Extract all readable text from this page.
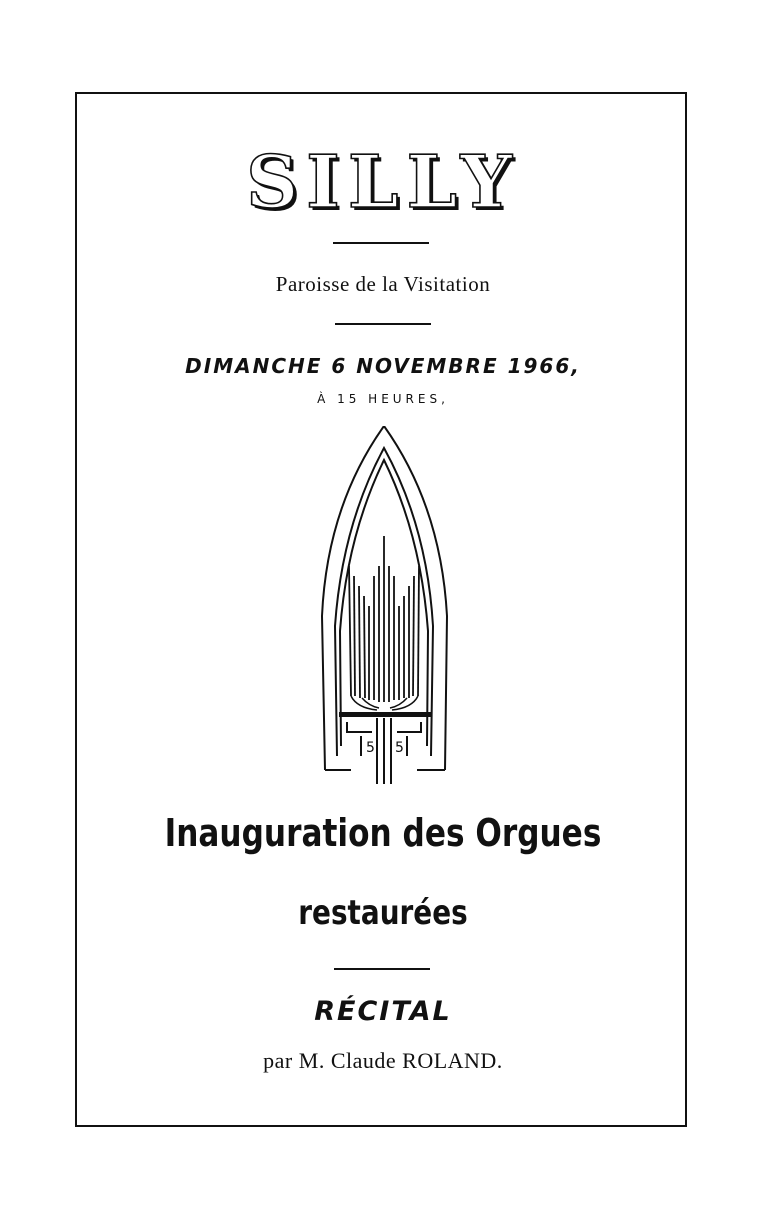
SILLY
Paroisse de la Visitation
DIMANCHE 6 NOVEMBRE 1966,
À 15 HEURES,
5 5
Inauguration des Orgues
restaurées
RÉCITAL
par M. Claude ROLAND.
